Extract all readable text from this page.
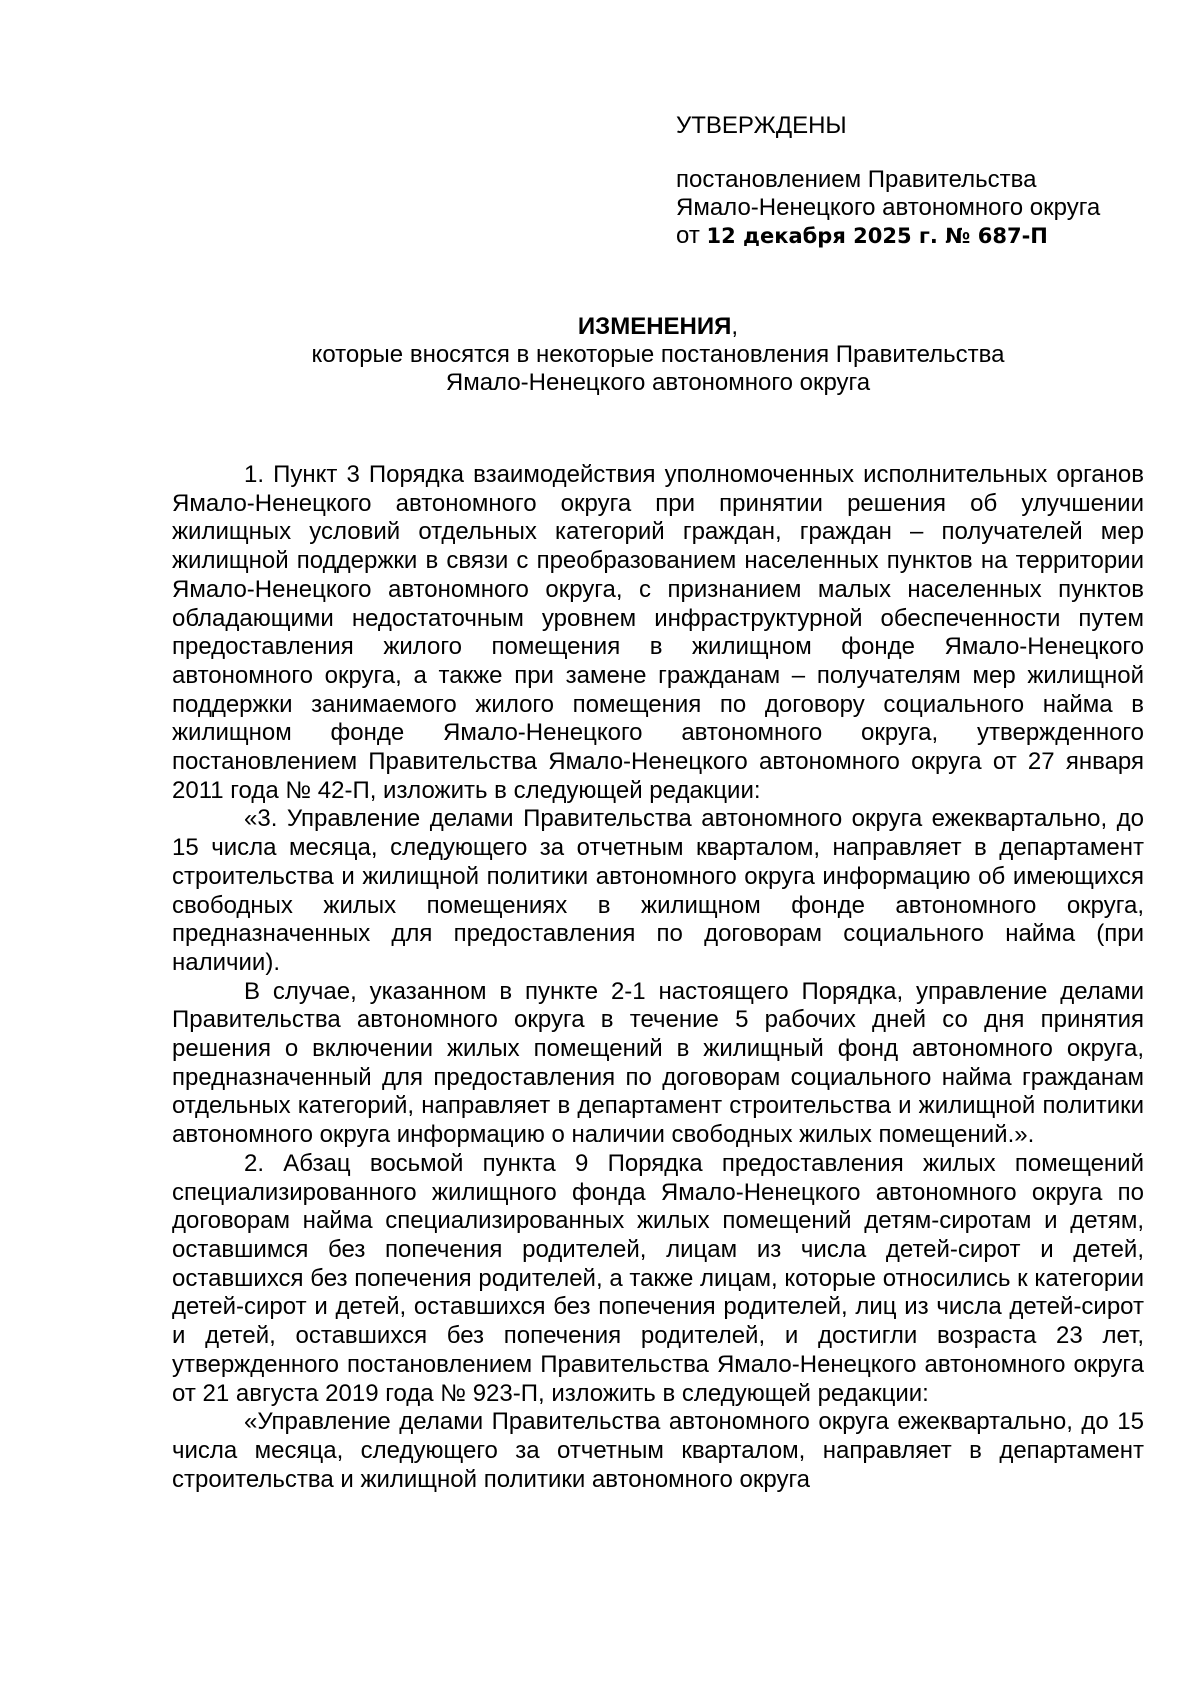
УТВЕРЖДЕНЫ
постановлением Правительства
Ямало-Ненецкого автономного округа
от 12 декабря 2025 г. № 687-П
ИЗМЕНЕНИЯ,
которые вносятся в некоторые постановления Правительства
Ямало-Ненецкого автономного округа

1. Пункт 3 Порядка взаимодействия уполномоченных исполнительных органов Ямало-Ненецкого автономного округа при принятии решения об улучшении жилищных условий отдельных категорий граждан, граждан – получателей мер жилищной поддержки в связи с преобразованием населенных пунктов на территории Ямало-Ненецкого автономного округа, с признанием малых населенных пунктов обладающими недостаточным уровнем инфраструктурной обеспеченности путем предоставления жилого помещения в жилищном фонде Ямало-Ненецкого автономного округа, а также при замене гражданам – получателям мер жилищной поддержки занимаемого жилого помещения по договору социального найма в жилищном фонде Ямало-Ненецкого автономного округа, утвержденного постановлением Правительства Ямало-Ненецкого автономного округа от 27 января 2011 года № 42-П, изложить в следующей редакции:

«3. Управление делами Правительства автономного округа ежеквартально, до 15 числа месяца, следующего за отчетным кварталом, направляет в департамент строительства и жилищной политики автономного округа информацию об имеющихся свободных жилых помещениях в жилищном фонде автономного округа, предназначенных для предоставления по договорам социального найма (при наличии).

В случае, указанном в пункте 2-1 настоящего Порядка, управление делами Правительства автономного округа в течение 5 рабочих дней со дня принятия решения о включении жилых помещений в жилищный фонд автономного округа, предназначенный для предоставления по договорам социального найма гражданам отдельных категорий, направляет в департамент строительства и жилищной политики автономного округа информацию о наличии свободных жилых помещений.».

2. Абзац восьмой пункта 9 Порядка предоставления жилых помещений специализированного жилищного фонда Ямало-Ненецкого автономного округа по договорам найма специализированных жилых помещений детям-сиротам и детям, оставшимся без попечения родителей, лицам из числа детей-сирот и детей, оставшихся без попечения родителей, а также лицам, которые относились к категории детей-сирот и детей, оставшихся без попечения родителей, лиц из числа детей-сирот и детей, оставшихся без попечения родителей, и достигли возраста 23 лет, утвержденного постановлением Правительства Ямало-Ненецкого автономного округа от 21 августа 2019 года № 923-П, изложить в следующей редакции:

«Управление делами Правительства автономного округа ежеквартально, до 15 числа месяца, следующего за отчетным кварталом, направляет в департамент строительства и жилищной политики автономного округа
